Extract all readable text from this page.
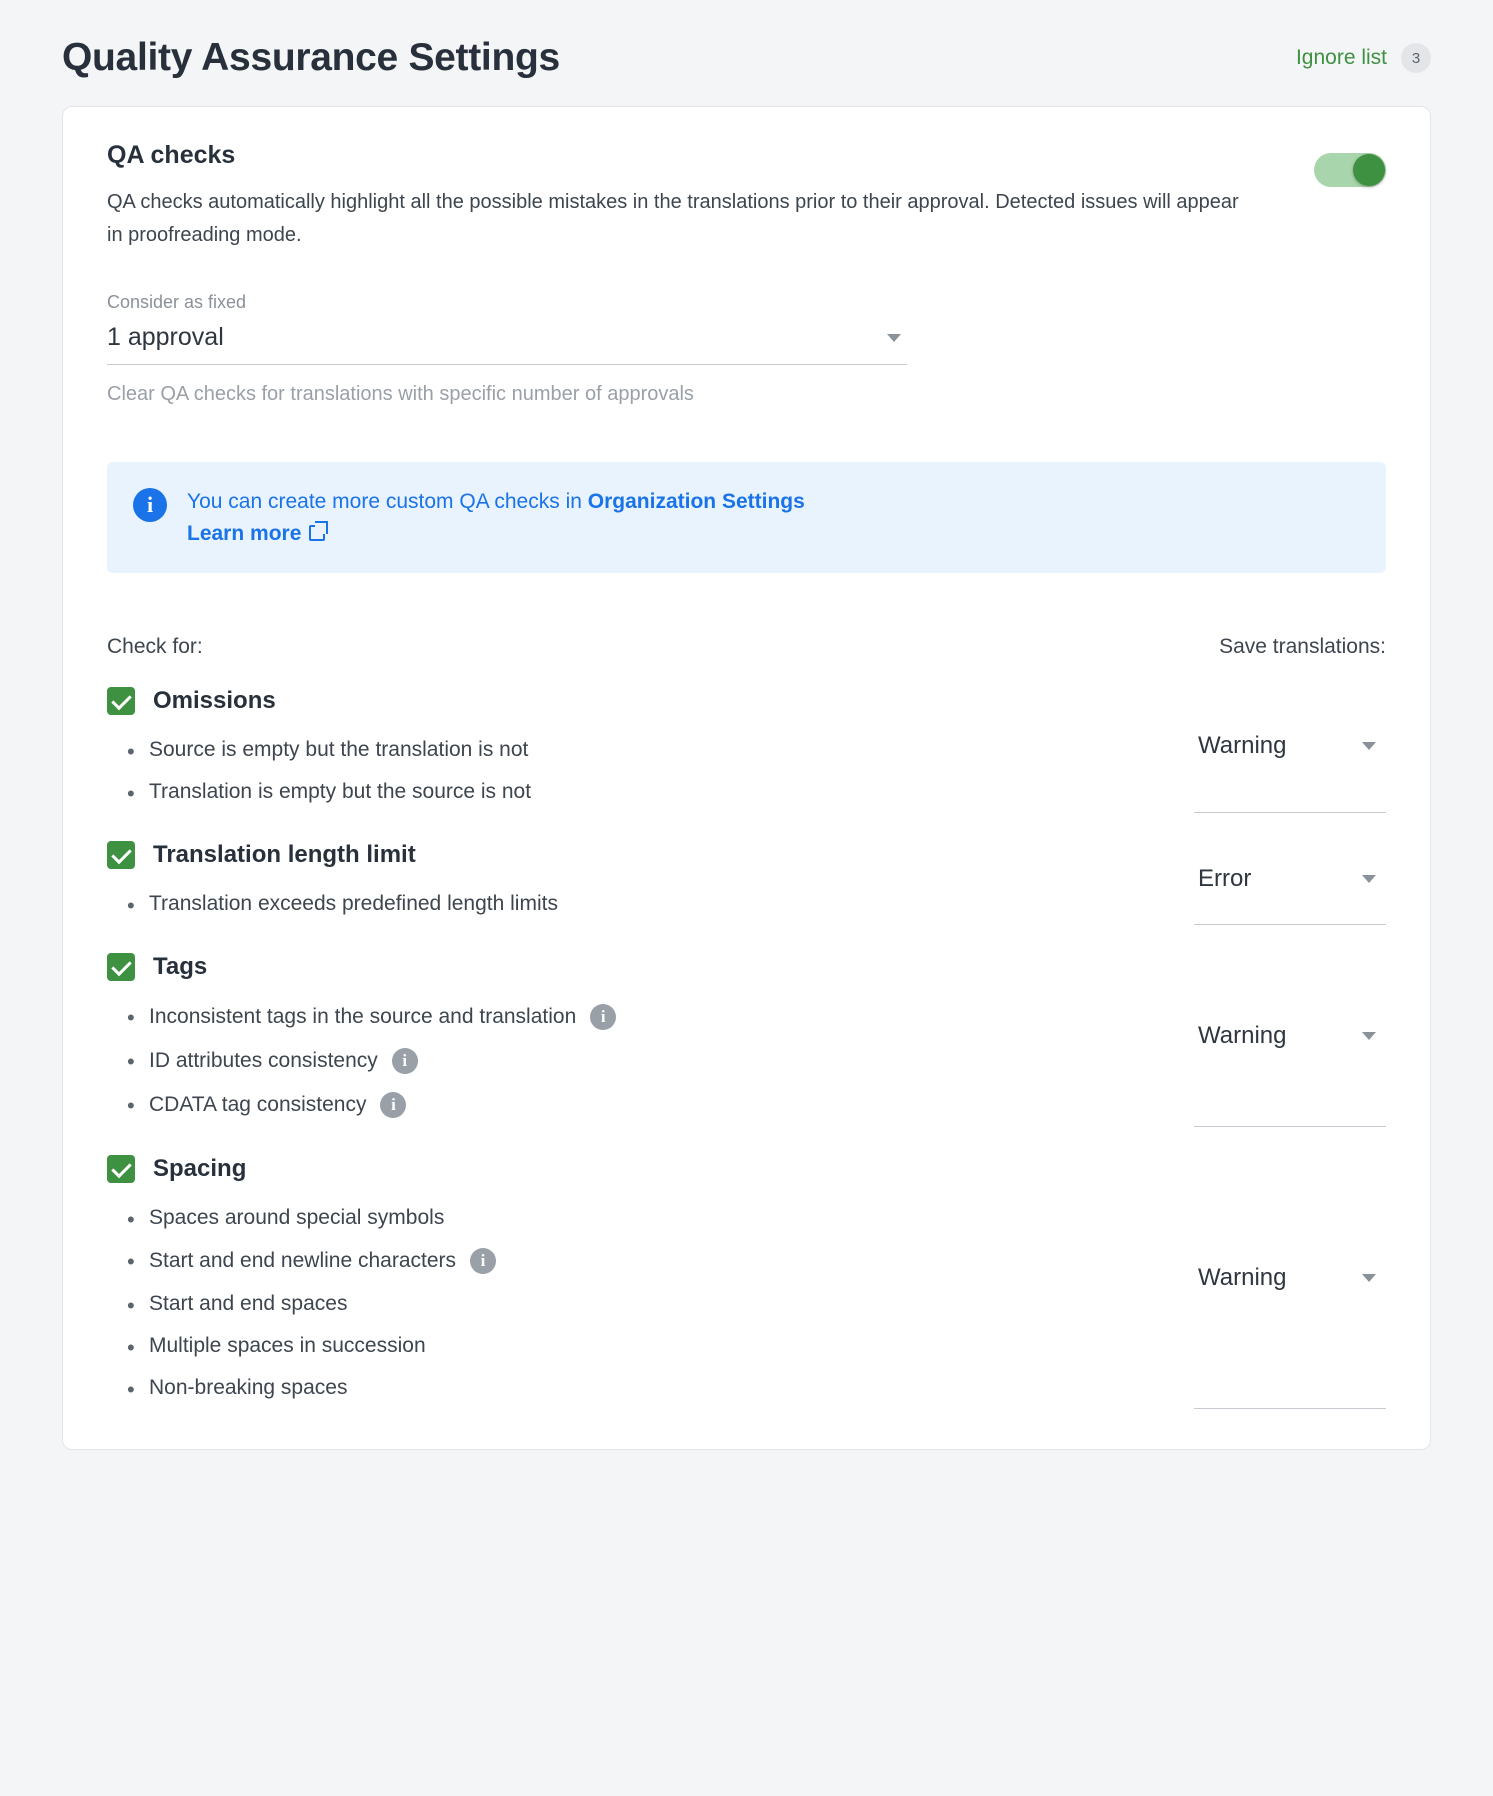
Quality Assurance Settings	Ignore list	3
QA checks

QA checks automatically highlight all the possible mistakes in the translations prior to their approval. Detected issues will appear in proofreading mode.

Consider as fixed
1 approval
Clear QA checks for translations with specific number of approvals
i	You can create more custom QA checks in Organization Settings

Learn more
Check for:	Save translations:
Omissions
• Source is empty but the translation is not
• Translation is empty but the source is not
Warning
Translation length limit
• Translation exceeds predefined length limits
Error
Tags
• Inconsistent tags in the source and translation	i
• ID attributes consistency	i
• CDATA tag consistency	i
Warning
Spacing
• Spaces around special symbols
• Start and end newline characters	i
• Start and end spaces
• Multiple spaces in succession
• Non-breaking spaces
Warning
